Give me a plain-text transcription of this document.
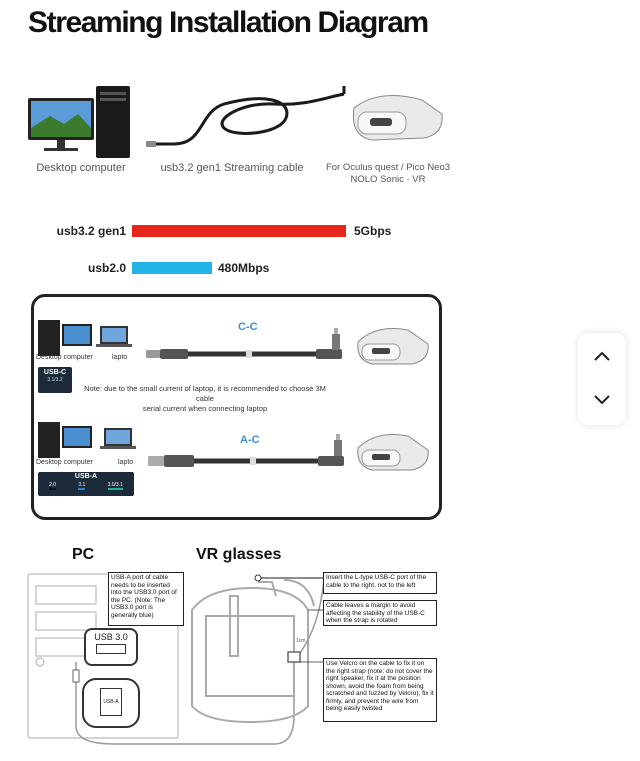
Streaming Installation Diagram
Desktop computer	usb3.2 gen1 Streaming cable	For Oculus quest / Pico Neo3
NOLO Sonic · VR
usb3.2 gen1	5Gbps
usb2.0	480Mbps
C-C
Desktop computer	lapto
USB-C
3.1/3.2
Note: due to the small current of laptop, it is recommended to choose 3M cable
serial current when connecting laptop
A-C
Desktop computer	lapto
USB-A
2.0	3.1	3.0/3.1
PC	VR glasses
USB-A port of cable needs to be inserted into the USB3.0 port of the PC. (Note: The USB3.0 port is generally blue)
USB 3.0
USB-A
1cm
Insert the L-type USB-C port of the cable to the right, not to the left
Cable leaves a margin to avoid affecting the stability of the USB-C when the strap is rotated
Use Velcro on the cable to fix it on the right strap (note: do not cover the right speaker, fix it at the position shown, avoid the foam from being scratched and fuzzed by Velcro), fix it firmly, and prevent the wire from being easily twisted
